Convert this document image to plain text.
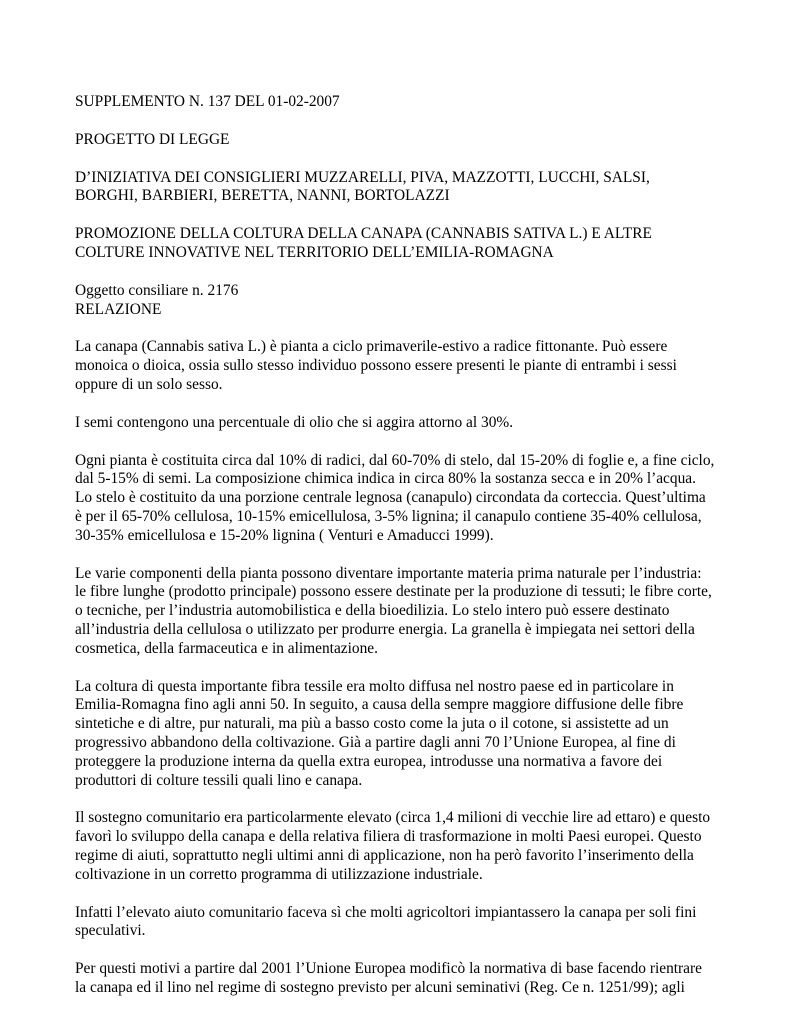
SUPPLEMENTO N. 137 DEL 01-02-2007
PROGETTO DI LEGGE
D’INIZIATIVA DEI CONSIGLIERI MUZZARELLI, PIVA, MAZZOTTI, LUCCHI, SALSI,
BORGHI, BARBIERI, BERETTA, NANNI, BORTOLAZZI
PROMOZIONE DELLA COLTURA DELLA CANAPA (CANNABIS SATIVA L.) E ALTRE
COLTURE INNOVATIVE NEL TERRITORIO DELL’EMILIA-ROMAGNA
Oggetto consiliare n. 2176
RELAZIONE
La canapa (Cannabis sativa L.) è pianta a ciclo primaverile-estivo a radice fittonante. Può essere
monoica o dioica, ossia sullo stesso individuo possono essere presenti le piante di entrambi i sessi
oppure di un solo sesso.
I semi contengono una percentuale di olio che si aggira attorno al 30%.
Ogni pianta è costituita circa dal 10% di radici, dal 60-70% di stelo, dal 15-20% di foglie e, a fine ciclo,
dal 5-15% di semi. La composizione chimica indica in circa 80% la sostanza secca e in 20% l’acqua.
Lo stelo è costituito da una porzione centrale legnosa (canapulo) circondata da corteccia. Quest’ultima
è per il 65-70% cellulosa, 10-15% emicellulosa, 3-5% lignina; il canapulo contiene 35-40% cellulosa,
30-35% emicellulosa e 15-20% lignina ( Venturi e Amaducci 1999).
Le varie componenti della pianta possono diventare importante materia prima naturale per l’industria:
le fibre lunghe (prodotto principale) possono essere destinate per la produzione di tessuti; le fibre corte,
o tecniche, per l’industria automobilistica e della bioedilizia. Lo stelo intero può essere destinato
all’industria della cellulosa o utilizzato per produrre energia. La granella è impiegata nei settori della
cosmetica, della farmaceutica e in alimentazione.
La coltura di questa importante fibra tessile era molto diffusa nel nostro paese ed in particolare in
Emilia-Romagna fino agli anni 50. In seguito, a causa della sempre maggiore diffusione delle fibre
sintetiche e di altre, pur naturali, ma più a basso costo come la juta o il cotone, si assistette ad un
progressivo abbandono della coltivazione. Già a partire dagli anni 70 l’Unione Europea, al fine di
proteggere la produzione interna da quella extra europea, introdusse una normativa a favore dei
produttori di colture tessili quali lino e canapa.
Il sostegno comunitario era particolarmente elevato (circa 1,4 milioni di vecchie lire ad ettaro) e questo
favorì lo sviluppo della canapa e della relativa filiera di trasformazione in molti Paesi europei. Questo
regime di aiuti, soprattutto negli ultimi anni di applicazione, non ha però favorito l’inserimento della
coltivazione in un corretto programma di utilizzazione industriale.
Infatti l’elevato aiuto comunitario faceva sì che molti agricoltori impiantassero la canapa per soli fini
speculativi.
Per questi motivi a partire dal 2001 l’Unione Europea modificò la normativa di base facendo rientrare
la canapa ed il lino nel regime di sostegno previsto per alcuni seminativi (Reg. Ce n. 1251/99); agli
